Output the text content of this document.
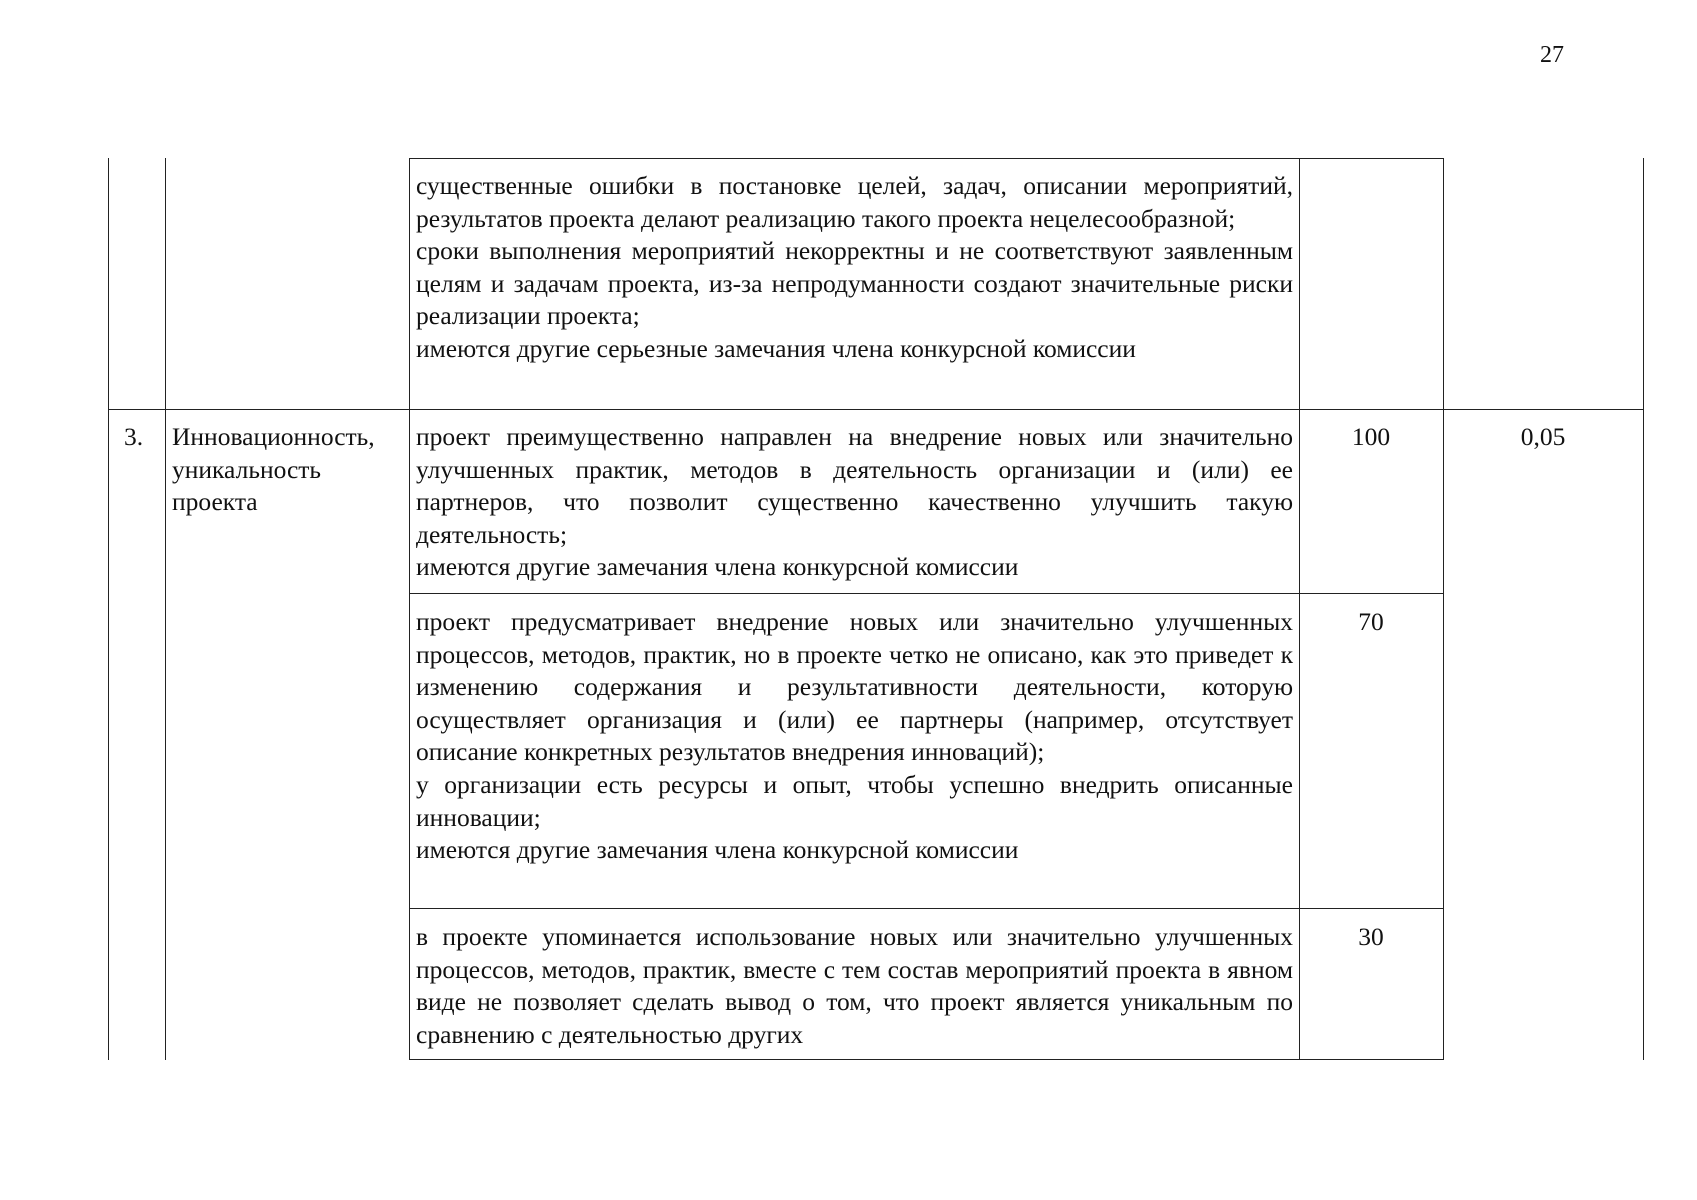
27

существенные ошибки в постановке целей, задач, описании мероприятий, результатов проекта делают реализацию такого проекта нецелесообразной;

сроки выполнения мероприятий некорректны и не соответствуют заявленным целям и задачам проекта, из-за непродуманности создают значительные риски реализации проекта;

имеются другие серьезные замечания члена конкурсной комиссии

3.	Инновационность, уникальность проекта
0,05

проект преимущественно направлен на внедрение новых или значительно улучшенных практик, методов в деятельность организации и (или) ее партнеров, что позволит существенно качественно улучшить такую деятельность;

имеются другие замечания члена конкурсной комиссии

100

проект предусматривает внедрение новых или значительно улучшенных процессов, методов, практик, но в проекте четко не описано, как это приведет к изменению содержания и результативности деятельности, которую осуществляет организация и (или) ее партнеры (например, отсутствует описание конкретных результатов внедрения инноваций);

у организации есть ресурсы и опыт, чтобы успешно внедрить описанные инновации;

имеются другие замечания члена конкурсной комиссии

70

в проекте упоминается использование новых или значительно улучшенных процессов, методов, практик, вместе с тем состав мероприятий проекта в явном виде не позволяет сделать вывод о том, что проект является уникальным по сравнению с деятельностью других

30
